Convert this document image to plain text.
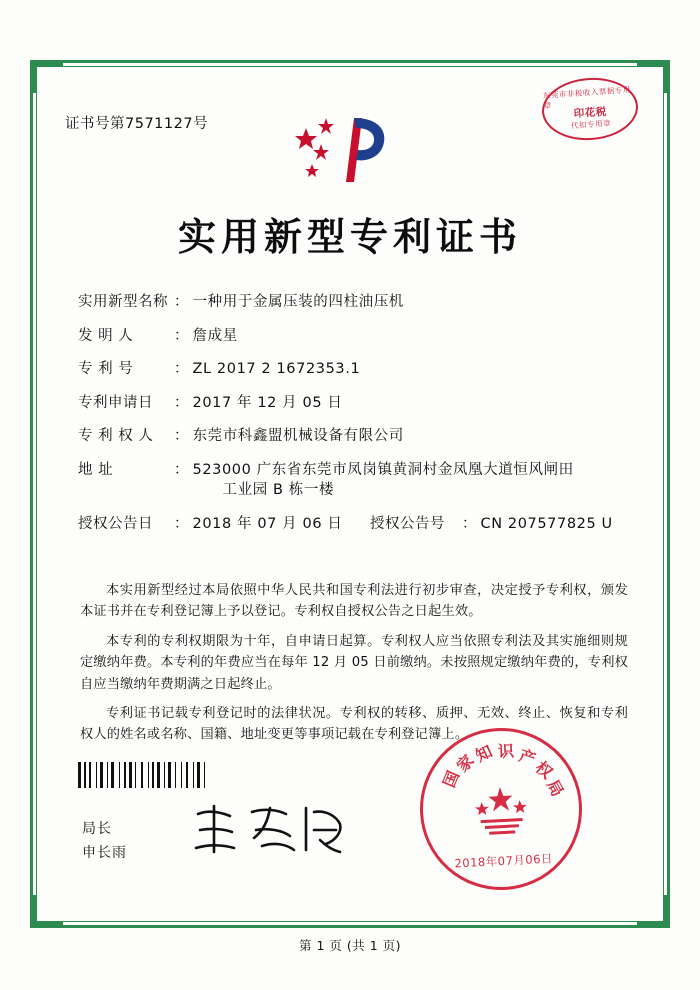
证书号第7571127号
东莞市非税收入票据专用章
印花税
代扣专用章
实用新型专利证书
实用新型名称 ： 一种用于金属压装的四柱油压机
发 明 人	： 詹成星
专 利 号	： ZL 2017 2 1672353.1
专利申请日	： 2017 年 12 月 05 日
专 利 权 人	： 东莞市科鑫盟机械设备有限公司
地 址	： 523000 广东省东莞市凤岗镇黄洞村金凤凰大道恒风闸田
工业园 B 栋一楼
授权公告日	： 2018 年 07 月 06 日	授权公告号	： CN 207577825 U

本实用新型经过本局依照中华人民共和国专利法进行初步审查，决定授予专利权，颁发本证书并在专利登记簿上予以登记。专利权自授权公告之日起生效。

本专利的专利权期限为十年，自申请日起算。专利权人应当依照专利法及其实施细则规定缴纳年费。本专利的年费应当在每年 12 月 05 日前缴纳。未按照规定缴纳年费的，专利权自应当缴纳年费期满之日起终止。

专利证书记载专利登记时的法律状况。专利权的转移、质押、无效、终止、恢复和专利权人的姓名或名称、国籍、地址变更等事项记载在专利登记簿上。

局长
申长雨
国
家
知 识 产
权
局
2018年07月06日
第 1 页 (共 1 页)
